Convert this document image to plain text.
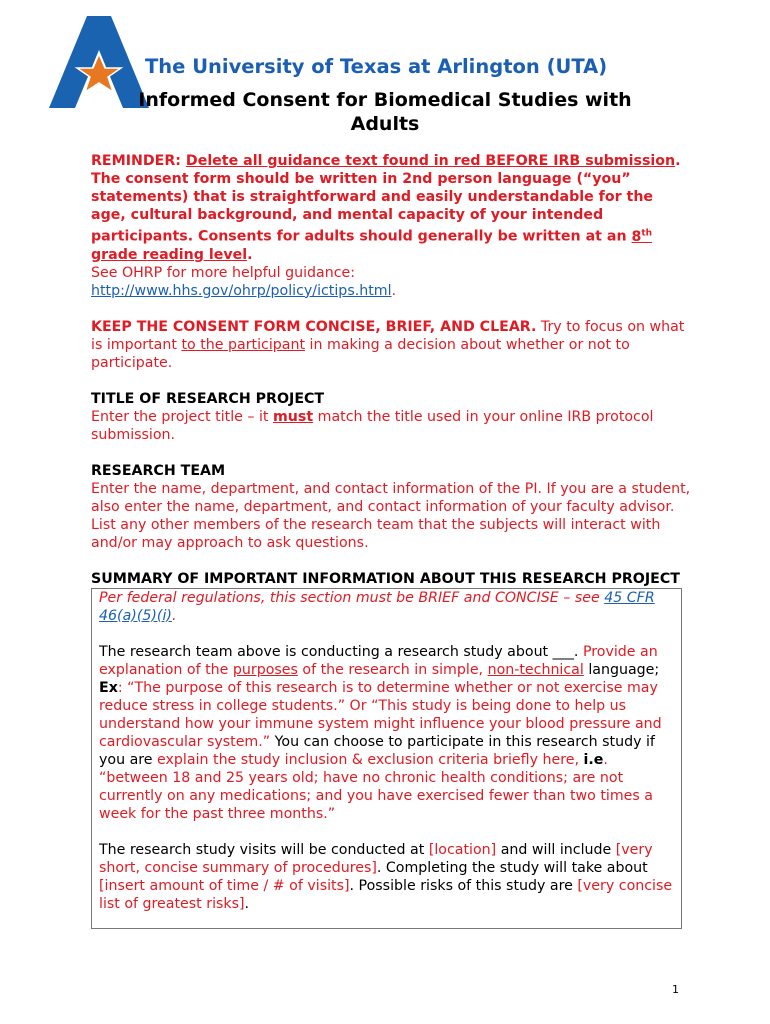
The University of Texas at Arlington (UTA)
Informed Consent for Biomedical Studies with
Adults

REMINDER: Delete all guidance text found in red BEFORE IRB submission. The consent form should be written in 2nd person language (“you” statements) that is straightforward and easily understandable for the age, cultural background, and mental capacity of your intended participants. Consents for adults should generally be written at an 8th grade reading level.

See OHRP for more helpful guidance:

http://www.hhs.gov/ohrp/policy/ictips.html.

KEEP THE CONSENT FORM CONCISE, BRIEF, AND CLEAR. Try to focus on what is important to the participant in making a decision about whether or not to participate.

TITLE OF RESEARCH PROJECT

Enter the project title – it must match the title used in your online IRB protocol submission.

RESEARCH TEAM

Enter the name, department, and contact information of the PI. If you are a student, also enter the name, department, and contact information of your faculty advisor. List any other members of the research team that the subjects will interact with and/or may approach to ask questions.

SUMMARY OF IMPORTANT INFORMATION ABOUT THIS RESEARCH PROJECT

Per federal regulations, this section must be BRIEF and CONCISE – see 45 CFR 46(a)(5)(i).

The research team above is conducting a research study about ___. Provide an explanation of the purposes of the research in simple, non-technical language; Ex: “The purpose of this research is to determine whether or not exercise may reduce stress in college students.” Or “This study is being done to help us understand how your immune system might influence your blood pressure and cardiovascular system.” You can choose to participate in this research study if you are explain the study inclusion & exclusion criteria briefly here, i.e. “between 18 and 25 years old; have no chronic health conditions; are not currently on any medications; and you have exercised fewer than two times a week for the past three months.”

The research study visits will be conducted at [location] and will include [very short, concise summary of procedures]. Completing the study will take about [insert amount of time / # of visits]. Possible risks of this study are [very concise list of greatest risks].

1
